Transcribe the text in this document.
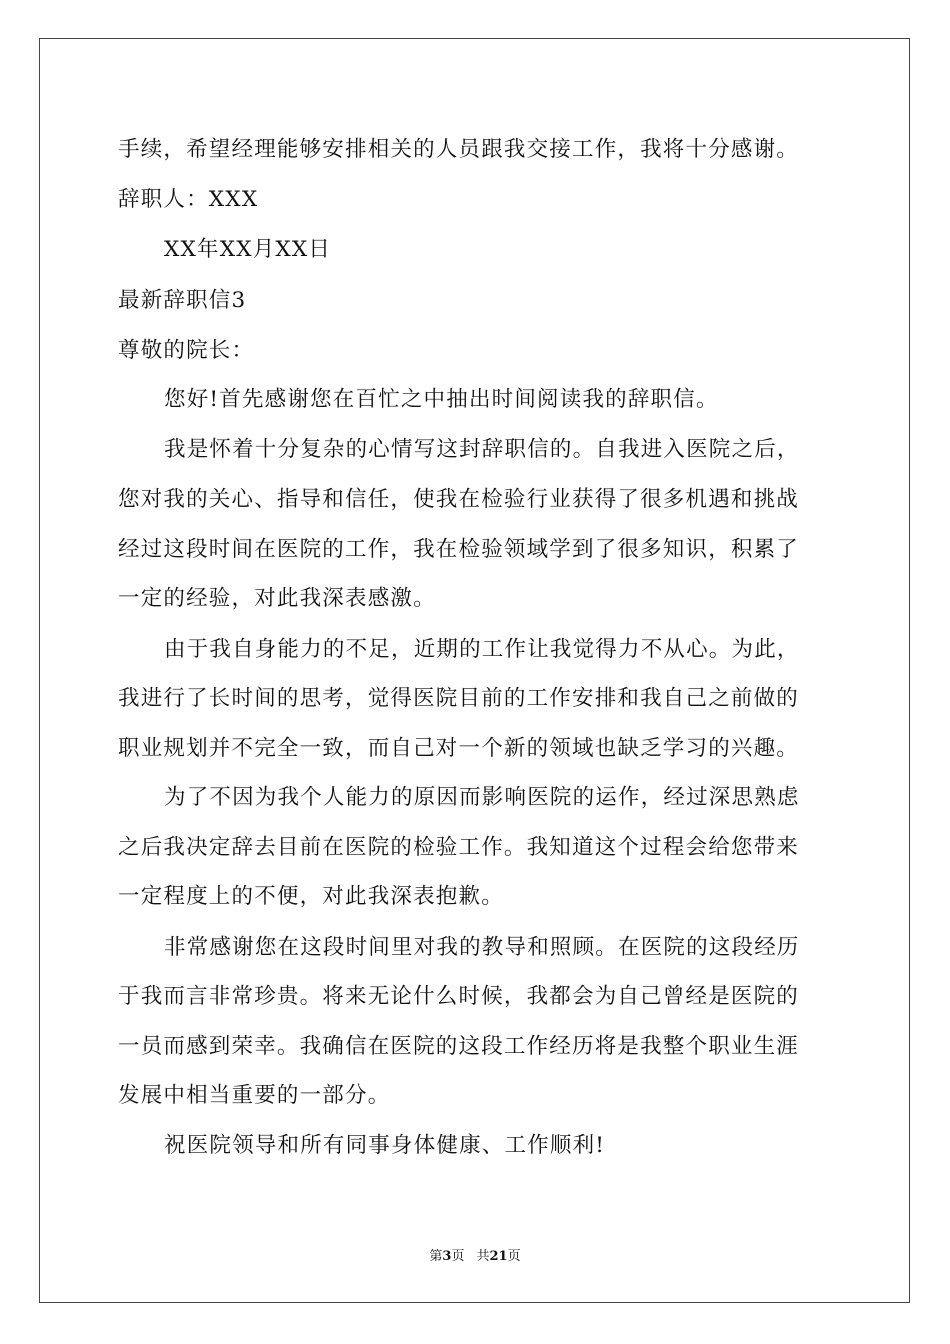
手续，希望经理能够安排相关的人员跟我交接工作，我将十分感谢。
辞职人：XXX
XX年XX月XX日
最新辞职信3
尊敬的院长：
您好!首先感谢您在百忙之中抽出时间阅读我的辞职信。
我是怀着十分复杂的心情写这封辞职信的。自我进入医院之后，
您对我的关心、指导和信任，使我在检验行业获得了很多机遇和挑战
经过这段时间在医院的工作，我在检验领域学到了很多知识，积累了
一定的经验，对此我深表感激。
由于我自身能力的不足，近期的工作让我觉得力不从心。为此，
我进行了长时间的思考，觉得医院目前的工作安排和我自己之前做的
职业规划并不完全一致，而自己对一个新的领域也缺乏学习的兴趣。
为了不因为我个人能力的原因而影响医院的运作，经过深思熟虑
之后我决定辞去目前在医院的检验工作。我知道这个过程会给您带来
一定程度上的不便，对此我深表抱歉。
非常感谢您在这段时间里对我的教导和照顾。在医院的这段经历
于我而言非常珍贵。将来无论什么时候，我都会为自己曾经是医院的
一员而感到荣幸。我确信在医院的这段工作经历将是我整个职业生涯
发展中相当重要的一部分。
祝医院领导和所有同事身体健康、工作顺利!
第3页 共21页
